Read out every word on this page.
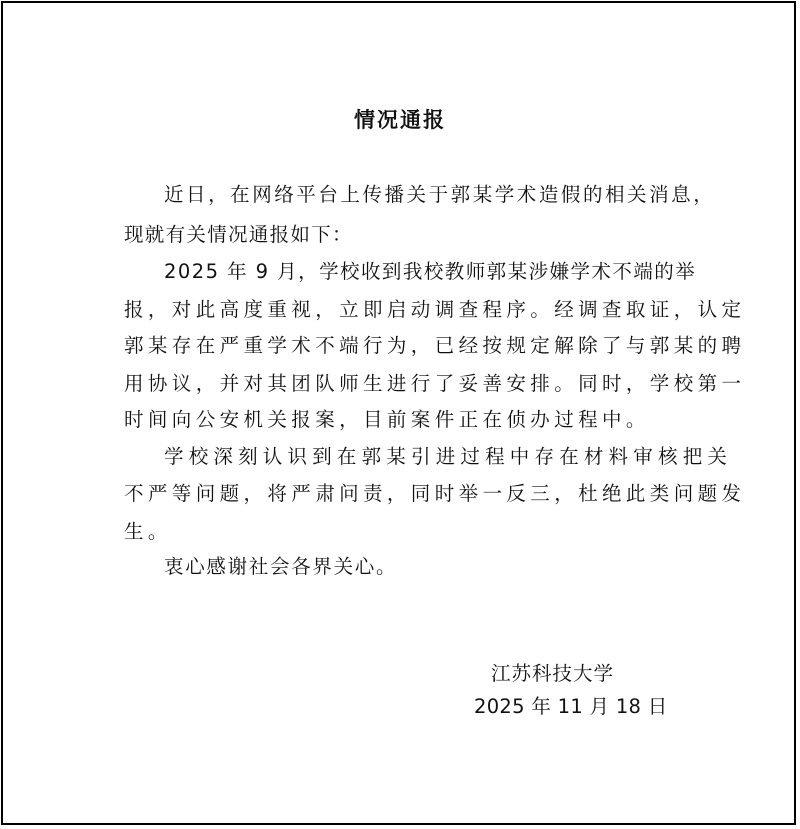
情况通报
近日，在网络平台上传播关于郭某学术造假的相关消息，
现就有关情况通报如下：
2025 年 9 月，学校收到我校教师郭某涉嫌学术不端的举
报，对此高度重视，立即启动调查程序。经调查取证，认定
郭某存在严重学术不端行为，已经按规定解除了与郭某的聘
用协议，并对其团队师生进行了妥善安排。同时，学校第一
时间向公安机关报案，目前案件正在侦办过程中。
学校深刻认识到在郭某引进过程中存在材料审核把关
不严等问题，将严肃问责，同时举一反三，杜绝此类问题发
生。
衷心感谢社会各界关心。
江苏科技大学
2025 年 11 月 18 日
